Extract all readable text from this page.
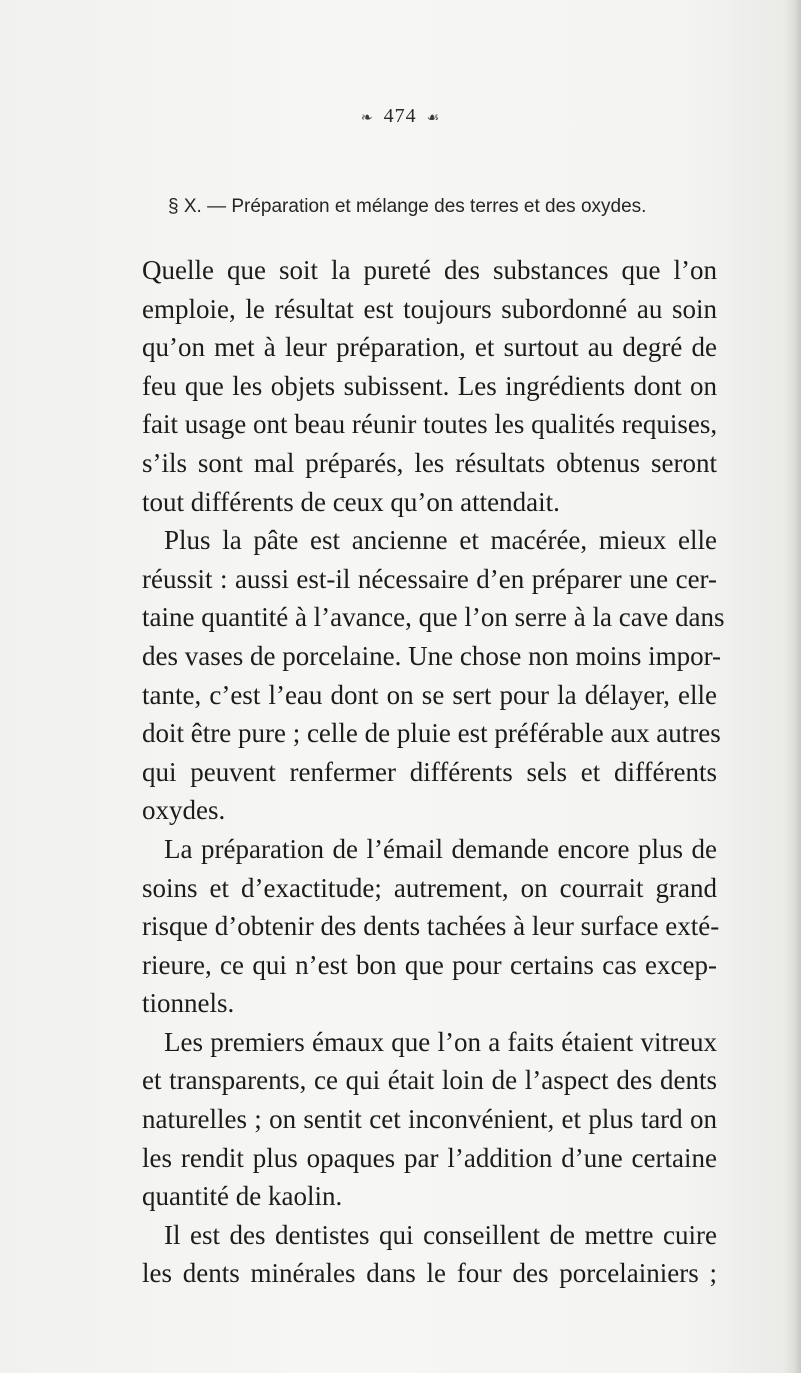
❧ 474 ☙
§ X. — Préparation et mélange des terres et des oxydes.
Quelle que soit la pureté des substances que l’on
emploie, le résultat est toujours subordonné au soin
qu’on met à leur préparation, et surtout au degré de
feu que les objets subissent. Les ingrédients dont on
fait usage ont beau réunir toutes les qualités requises,
s’ils sont mal préparés, les résultats obtenus seront
tout différents de ceux qu’on attendait.
Plus la pâte est ancienne et macérée, mieux elle
réussit : aussi est-il nécessaire d’en préparer une cer-
taine quantité à l’avance, que l’on serre à la cave dans
des vases de porcelaine. Une chose non moins impor-
tante, c’est l’eau dont on se sert pour la délayer, elle
doit être pure ; celle de pluie est préférable aux autres
qui peuvent renfermer différents sels et différents
oxydes.
La préparation de l’émail demande encore plus de
soins et d’exactitude; autrement, on courrait grand
risque d’obtenir des dents tachées à leur surface exté-
rieure, ce qui n’est bon que pour certains cas excep-
tionnels.
Les premiers émaux que l’on a faits étaient vitreux
et transparents, ce qui était loin de l’aspect des dents
naturelles ; on sentit cet inconvénient, et plus tard on
les rendit plus opaques par l’addition d’une certaine
quantité de kaolin.
Il est des dentistes qui conseillent de mettre cuire
les dents minérales dans le four des porcelainiers ;
